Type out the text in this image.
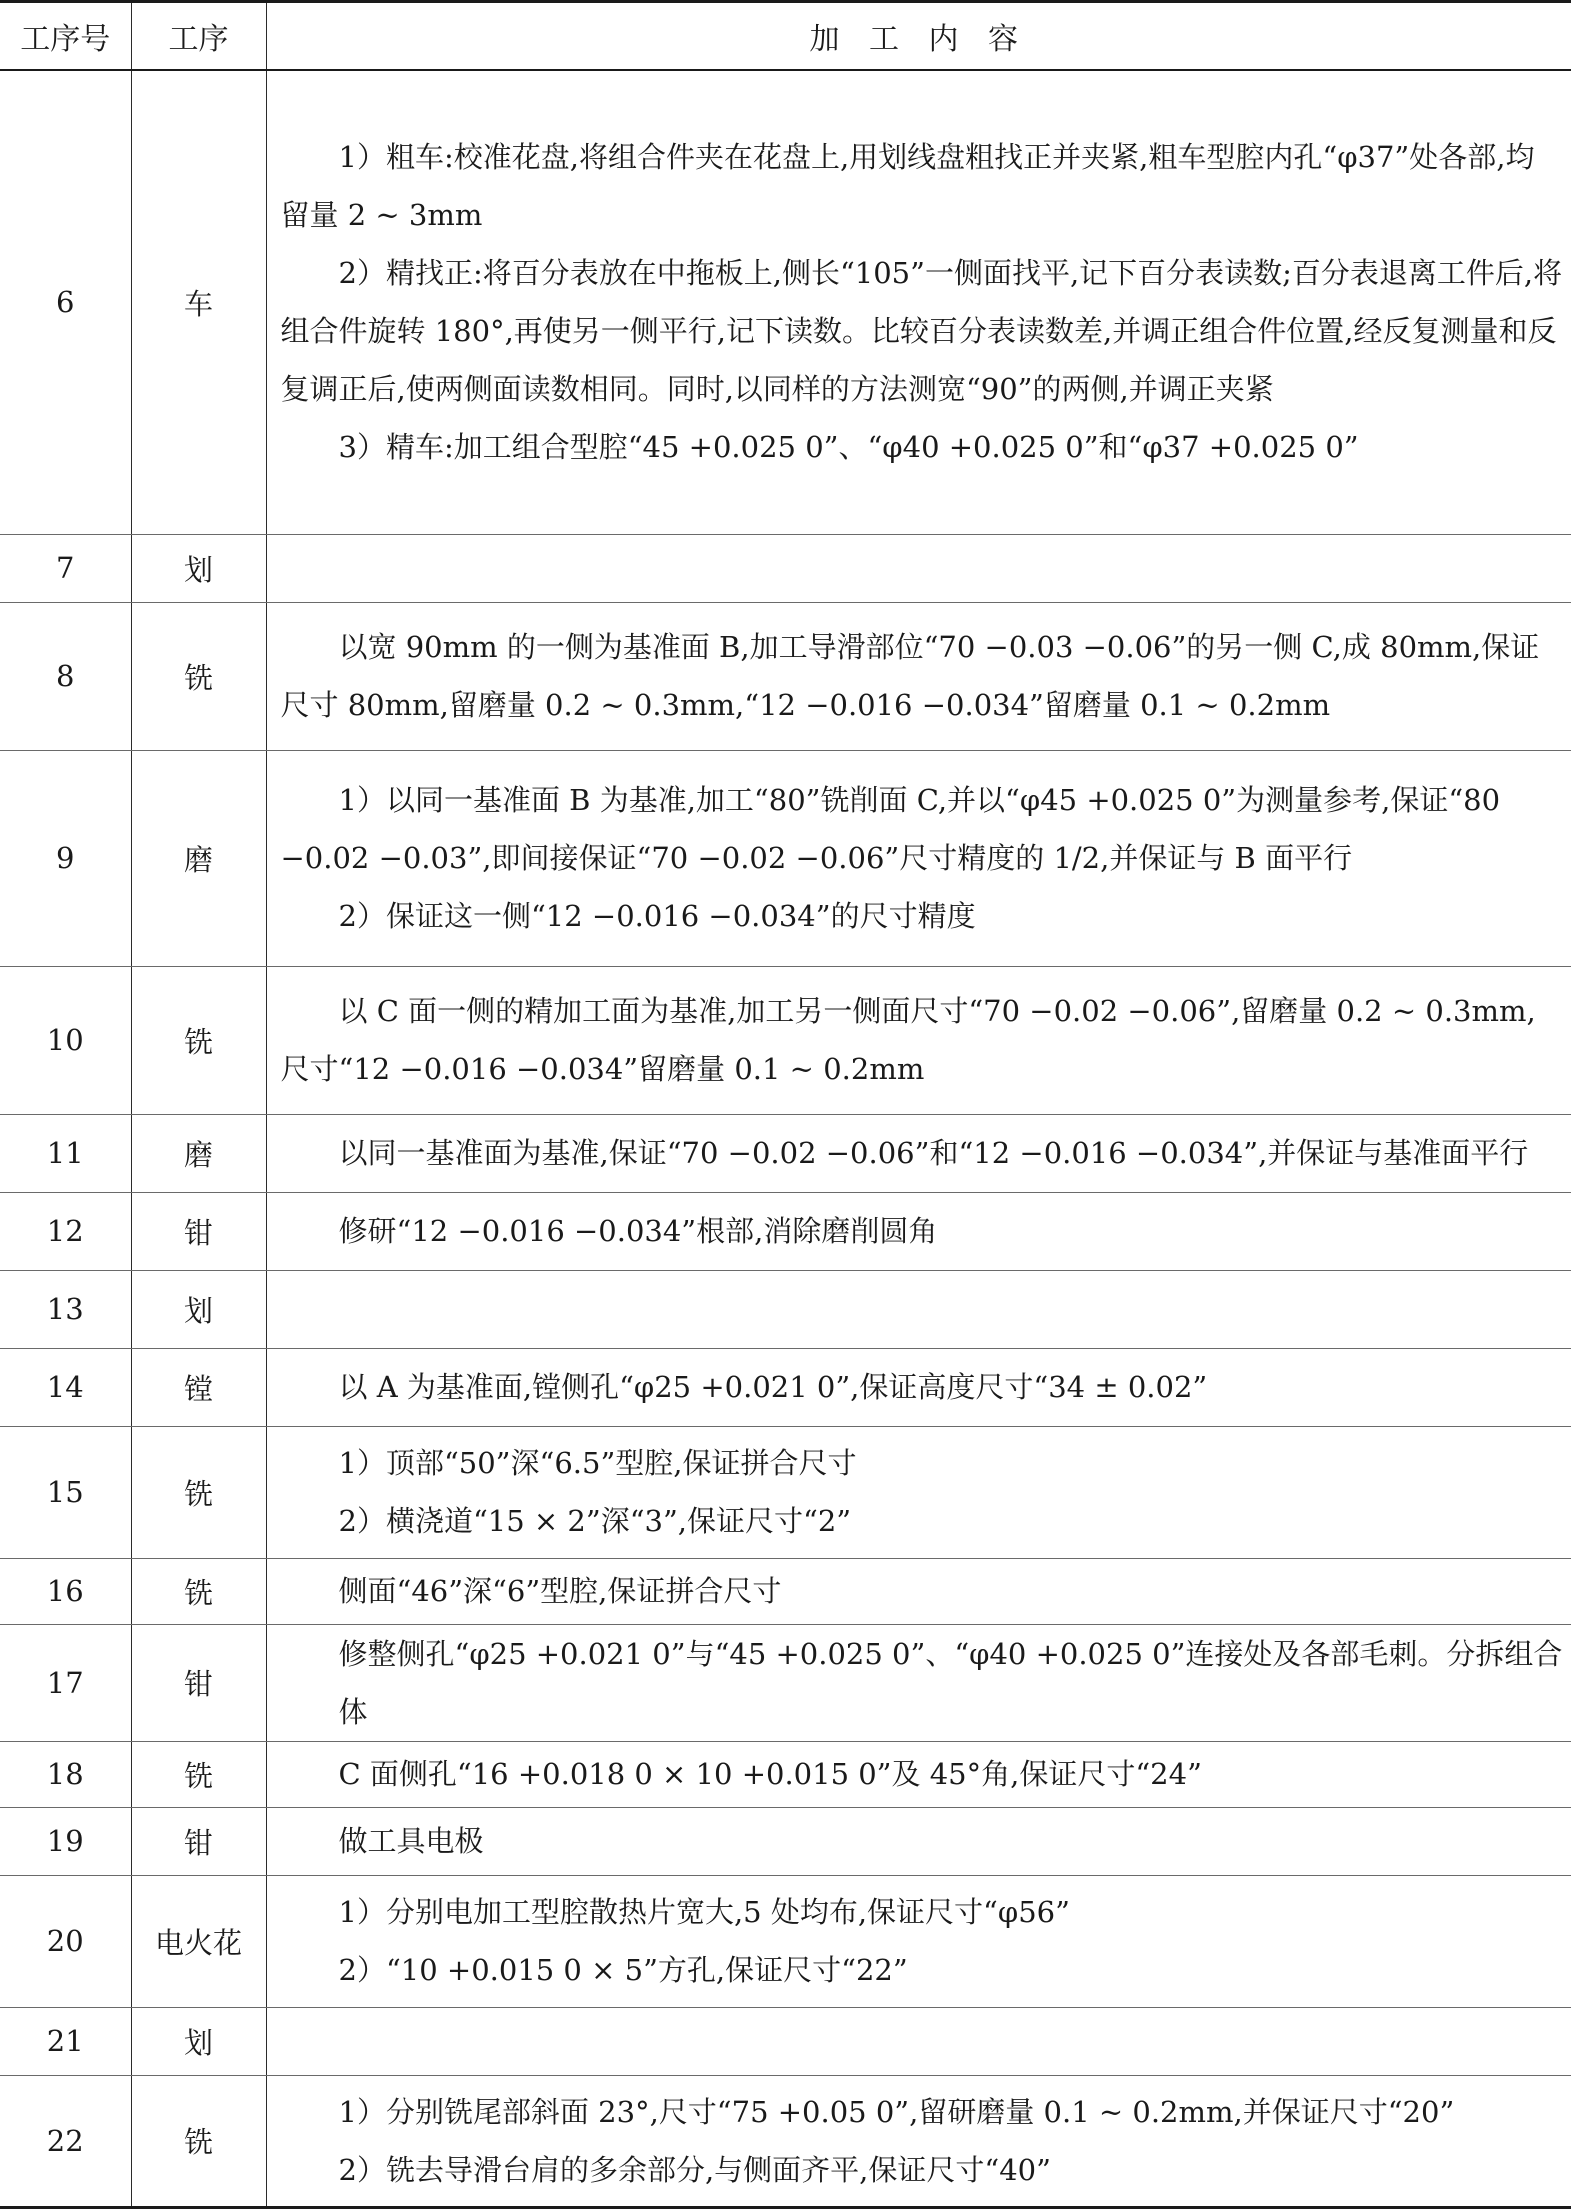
工序号	工序	加 工 内 容
6	车	1）粗车:校准花盘,将组合件夹在花盘上,用划线盘粗找正并夹紧,粗车型腔内孔“φ37”处各部,均留量 2 ~ 3mm

2）精找正:将百分表放在中拖板上,侧长“105”一侧面找平,记下百分表读数;百分表退离工件后,将组合件旋转 180°,再使另一侧平行,记下读数。比较百分表读数差,并调正组合件位置,经反复测量和反复调正后,使两侧面读数相同。同时,以同样的方法测宽“90”的两侧,并调正夹紧

3）精车:加工组合型腔“45 +0.025 0”、“φ40 +0.025 0”和“φ37 +0.025 0”

7	划	
8	铣	以宽 90mm 的一侧为基准面 B,加工导滑部位“70 −0.03 −0.06”的另一侧 C,成 80mm,保证尺寸 80mm,留磨量 0.2 ~ 0.3mm,“12 −0.016 −0.034”留磨量 0.1 ~ 0.2mm

9	磨	1）以同一基准面 B 为基准,加工“80”铣削面 C,并以“φ45 +0.025 0”为测量参考,保证“80 −0.02 −0.03”,即间接保证“70 −0.02 −0.06”尺寸精度的 1/2,并保证与 B 面平行

2）保证这一侧“12 −0.016 −0.034”的尺寸精度

10	铣	以 C 面一侧的精加工面为基准,加工另一侧面尺寸“70 −0.02 −0.06”,留磨量 0.2 ~ 0.3mm,尺寸“12 −0.016 −0.034”留磨量 0.1 ~ 0.2mm

11	磨	以同一基准面为基准,保证“70 −0.02 −0.06”和“12 −0.016 −0.034”,并保证与基准面平行

12	钳	修研“12 −0.016 −0.034”根部,消除磨削圆角

13	划	
14	镗	以 A 为基准面,镗侧孔“φ25 +0.021 0”,保证高度尺寸“34 ± 0.02”

15	铣	1）顶部“50”深“6.5”型腔,保证拼合尺寸

2）横浇道“15 × 2”深“3”,保证尺寸“2”

16	铣	侧面“46”深“6”型腔,保证拼合尺寸

17	钳	修整侧孔“φ25 +0.021 0”与“45 +0.025 0”、“φ40 +0.025 0”连接处及各部毛刺。分拆组合体

18	铣	C 面侧孔“16 +0.018 0 × 10 +0.015 0”及 45°角,保证尺寸“24”

19	钳	做工具电极

20	电火花	1）分别电加工型腔散热片宽大,5 处均布,保证尺寸“φ56”

2）“10 +0.015 0 × 5”方孔,保证尺寸“22”

21	划	
22	铣	1）分别铣尾部斜面 23°,尺寸“75 +0.05 0”,留研磨量 0.1 ~ 0.2mm,并保证尺寸“20”

2）铣去导滑台肩的多余部分,与侧面齐平,保证尺寸“40”
